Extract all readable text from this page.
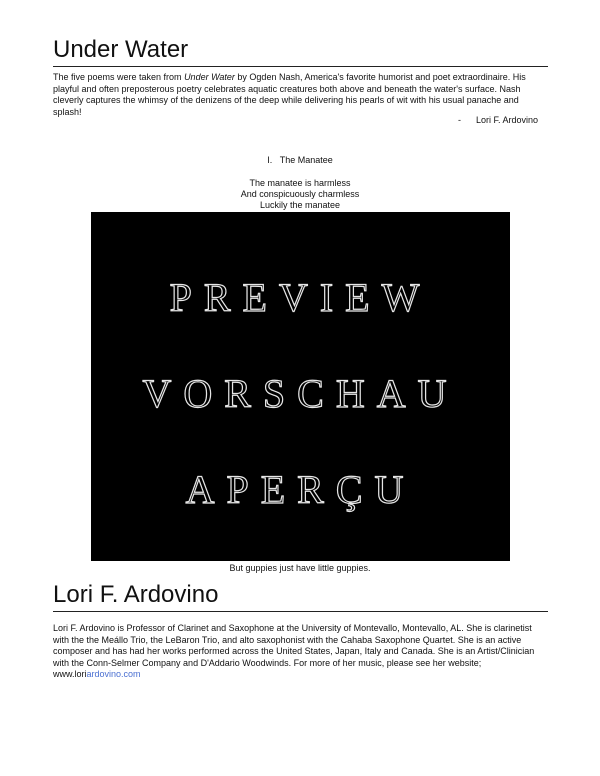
Under Water

The five poems were taken from Under Water by Ogden Nash, America's favorite humorist and poet extraordinaire. His playful and often preposterous poetry celebrates aquatic creatures both above and beneath the water's surface. Nash cleverly captures the whimsy of the denizens of the deep while delivering his pearls of wit with his usual panache and splash!

- Lori F. Ardovino
I. The Manatee
The manatee is harmless
And conspicuously charmless
Luckily the manatee
PREVIEW
VORSCHAU
APERÇU
But guppies just have little guppies.
Lori F. Ardovino

Lori F. Ardovino is Professor of Clarinet and Saxophone at the University of Montevallo, Montevallo, AL. She is clarinetist with the the Meállo Trio, the LeBaron Trio, and alto saxophonist with the Cahaba Saxophone Quartet. She is an active composer and has had her works performed across the United States, Japan, Italy and Canada. She is an Artist/Clinician with the Conn-Selmer Company and D'Addario Woodwinds. For more of her music, please see her website; www.loriardovino.com
